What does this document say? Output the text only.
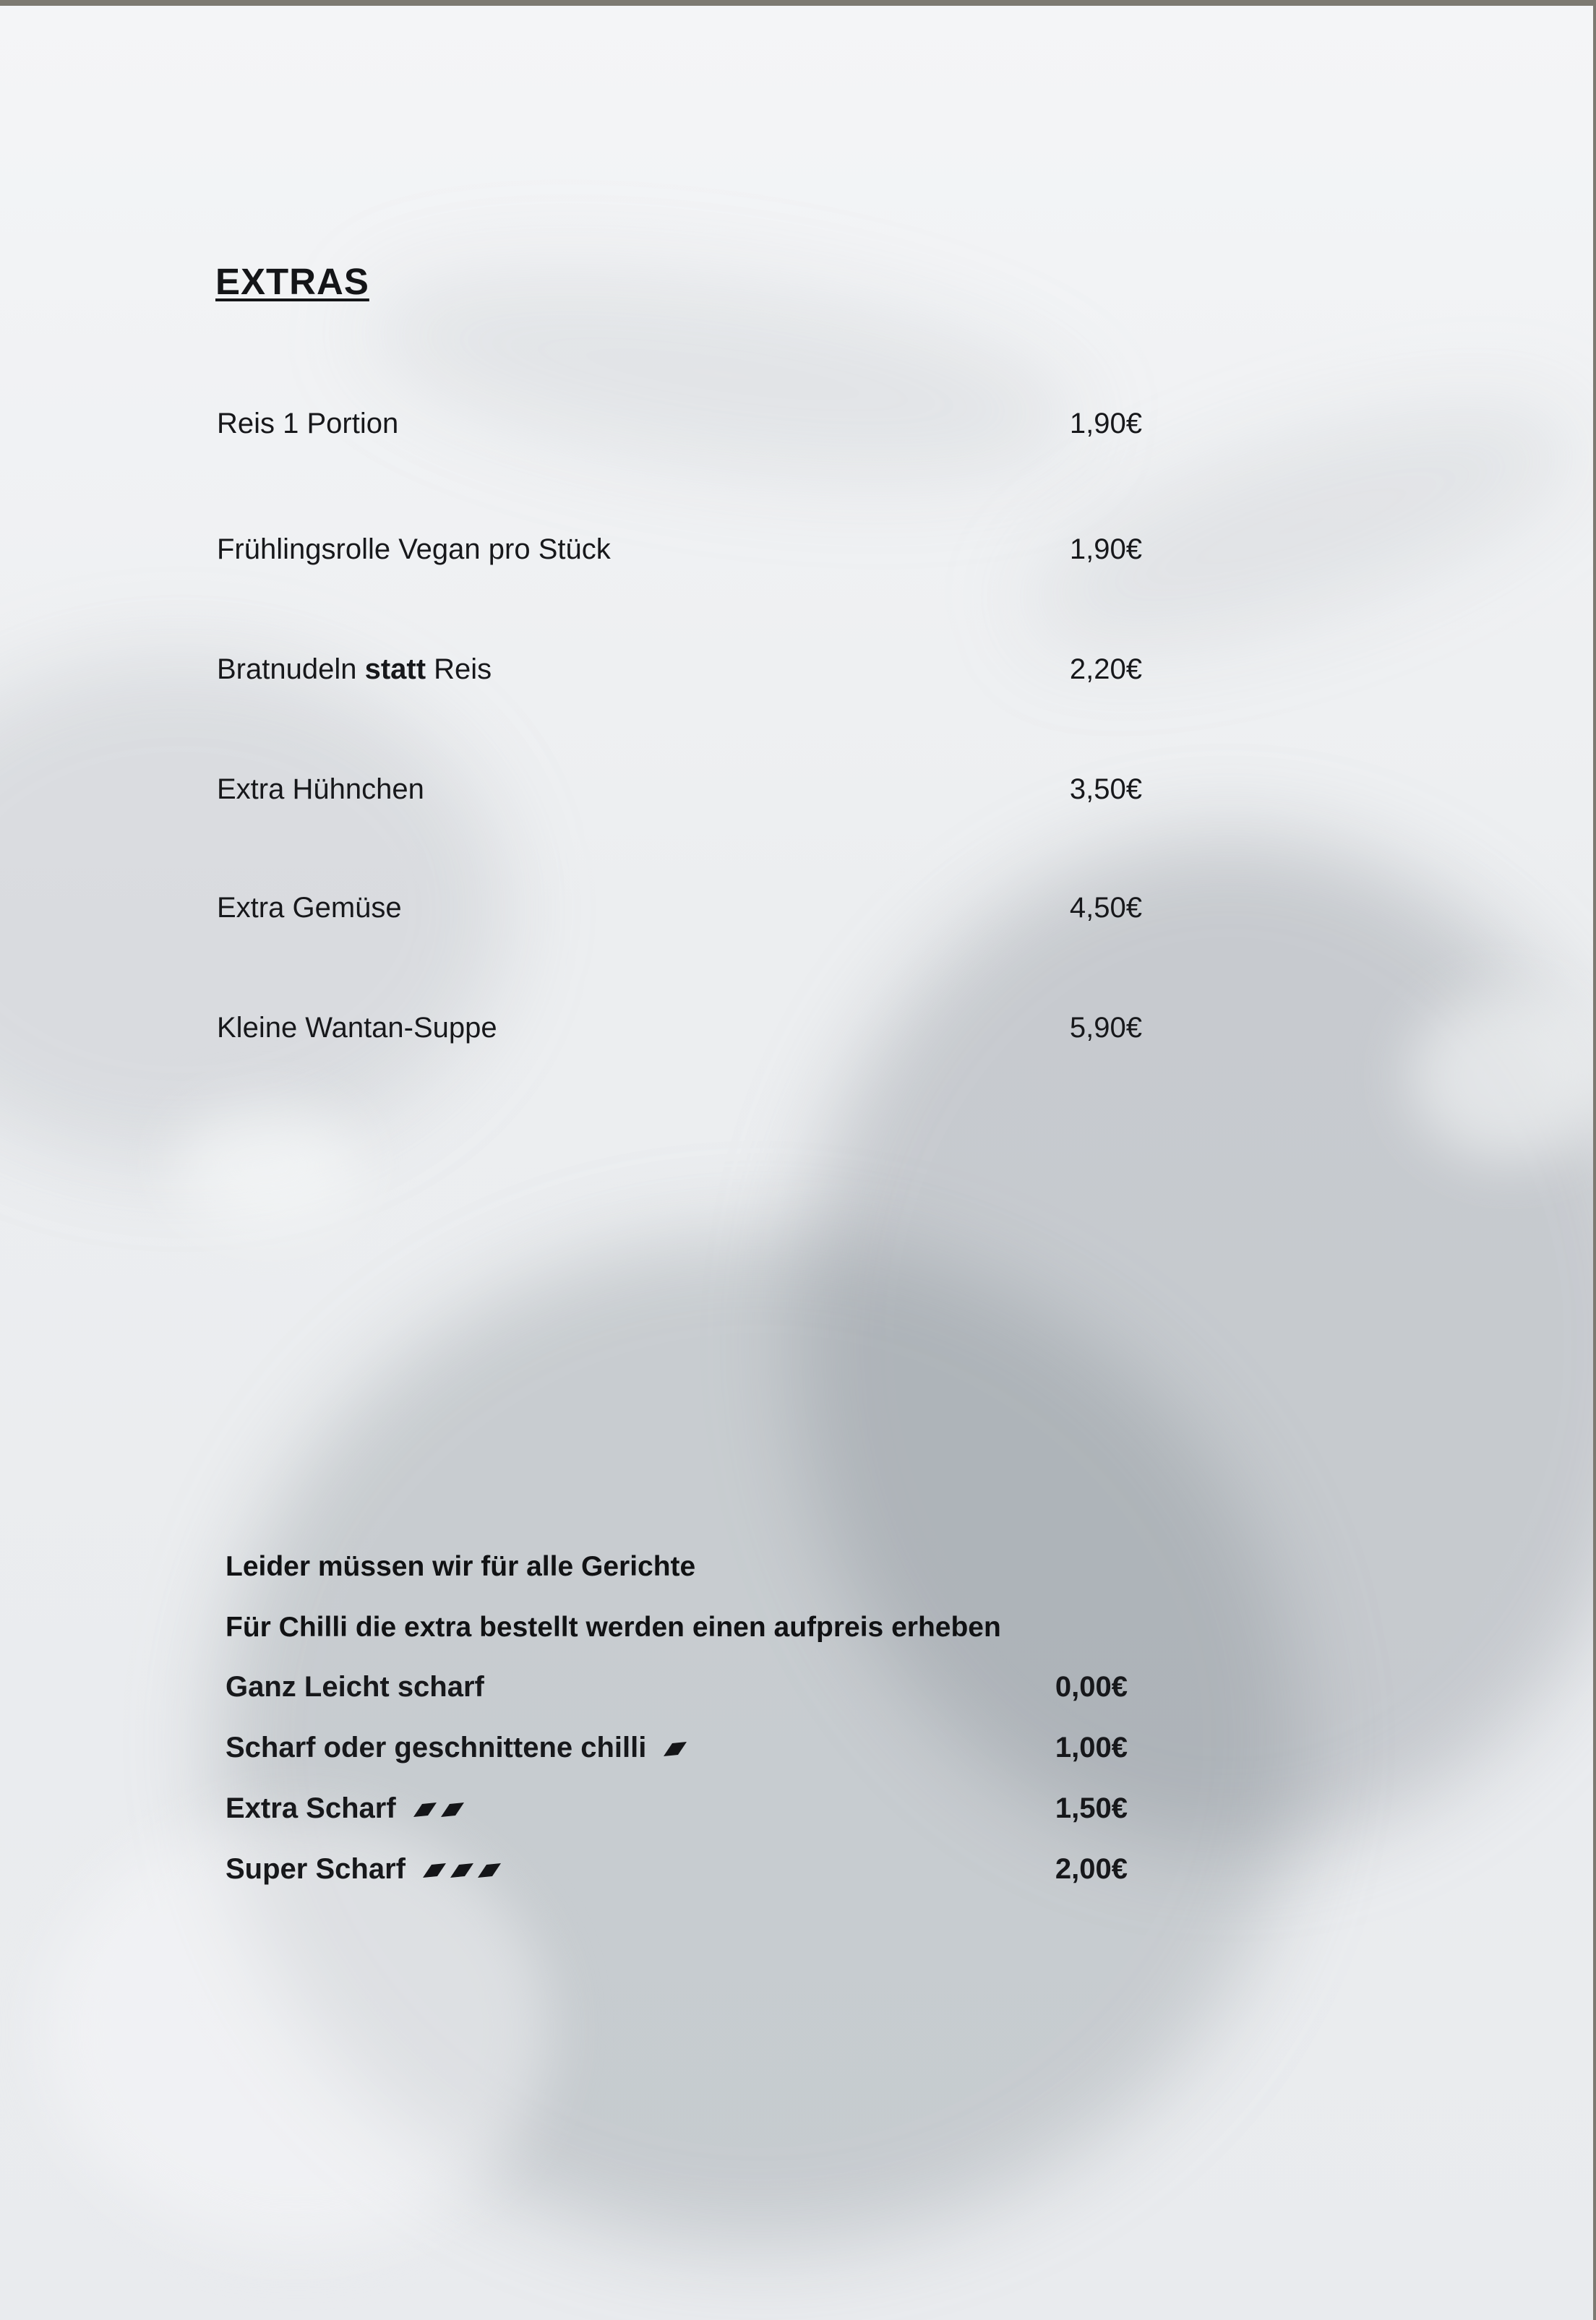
EXTRAS
Reis 1 Portion	1,90€
Frühlingsrolle Vegan pro Stück	1,90€
Bratnudeln statt Reis	2,20€
Extra Hühnchen	3,50€
Extra Gemüse	4,50€
Kleine Wantan-Suppe	5,90€
Leider müssen wir für alle Gerichte
Für Chilli die extra bestellt werden einen aufpreis erheben
Ganz Leicht scharf	0,00€
Scharf oder geschnittene chilli	1,00€
Extra Scharf	1,50€
Super Scharf	2,00€
